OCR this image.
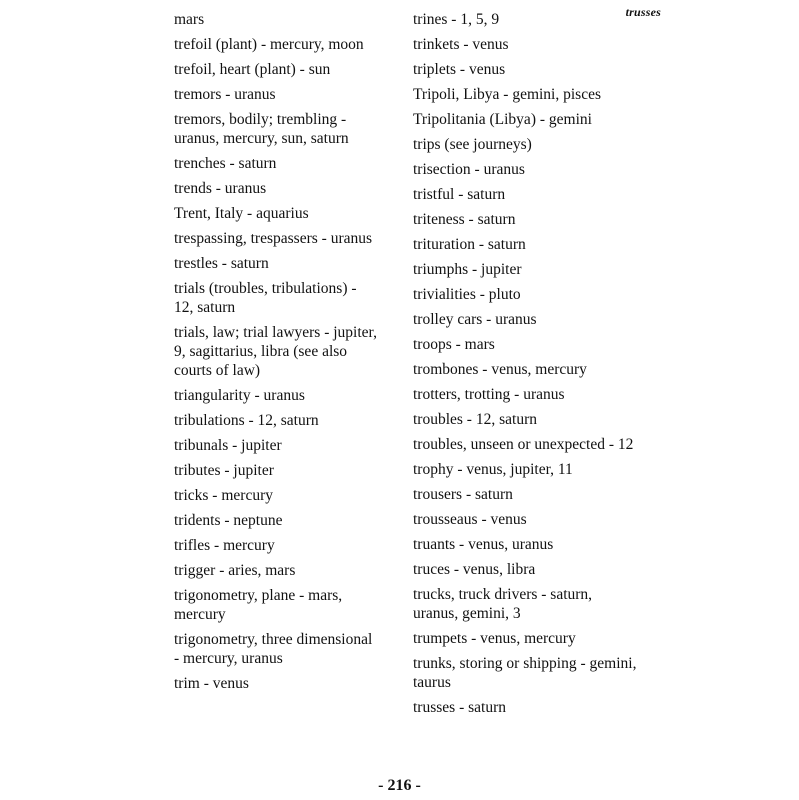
trusses
mars
trefoil (plant) - mercury, moon
trefoil, heart (plant) - sun
tremors - uranus
tremors, bodily; trembling - uranus, mercury, sun, saturn
trenches - saturn
trends - uranus
Trent, Italy - aquarius
trespassing, trespassers - uranus
trestles - saturn
trials (troubles, tribulations) - 12, saturn
trials, law; trial lawyers - jupiter, 9, sagittarius, libra (see also courts of law)
triangularity - uranus
tribulations - 12, saturn
tribunals - jupiter
tributes - jupiter
tricks - mercury
tridents - neptune
trifles - mercury
trigger - aries, mars
trigonometry, plane - mars, mercury
trigonometry, three dimensional - mercury, uranus
trim - venus
trines - 1, 5, 9
trinkets - venus
triplets - venus
Tripoli, Libya - gemini, pisces
Tripolitania (Libya) - gemini
trips (see journeys)
trisection - uranus
tristful - saturn
triteness - saturn
trituration - saturn
triumphs - jupiter
trivialities - pluto
trolley cars - uranus
troops - mars
trombones - venus, mercury
trotters, trotting - uranus
troubles - 12, saturn
troubles, unseen or unexpected - 12
trophy - venus, jupiter, 11
trousers - saturn
trousseaus - venus
truants - venus, uranus
truces - venus, libra
trucks, truck drivers - saturn, uranus, gemini, 3
trumpets - venus, mercury
trunks, storing or shipping - gemini, taurus
trusses - saturn
- 216 -
